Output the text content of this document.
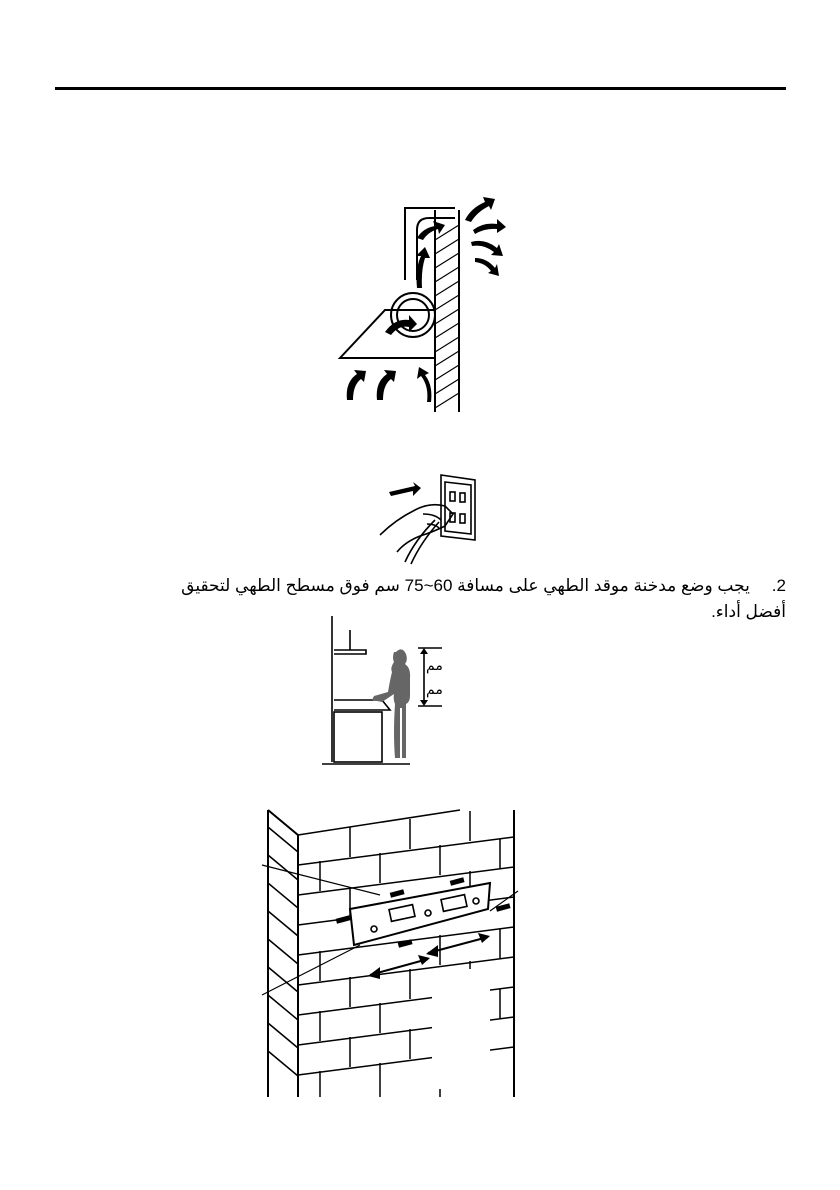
2.يجب وضع مدخنة موقد الطهي على مسافة 60~75 سم فوق مسطح الطهي لتحقيق أفضل أداء.
مم
مم
